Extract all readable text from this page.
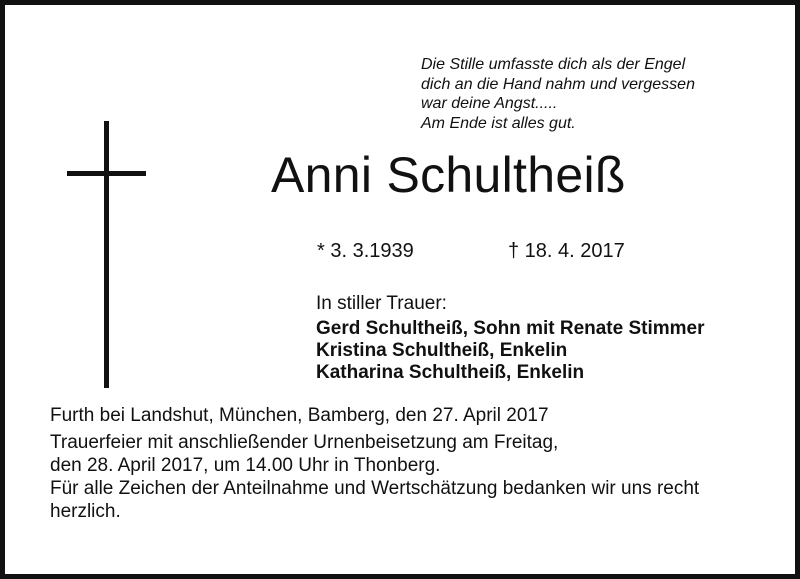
Die Stille umfasste dich als der Engel
dich an die Hand nahm und vergessen
war deine Angst.....
Am Ende ist alles gut.
Anni Schultheiß
* 3. 3.1939	† 18. 4. 2017
In stiller Trauer:
Gerd Schultheiß, Sohn mit Renate Stimmer
Kristina Schultheiß, Enkelin
Katharina Schultheiß, Enkelin
Furth bei Landshut, München, Bamberg, den 27. April 2017
Trauerfeier mit anschließender Urnenbeisetzung am Freitag,
den 28. April 2017, um 14.00 Uhr in Thonberg.
Für alle Zeichen der Anteilnahme und Wertschätzung bedanken wir uns recht herzlich.
